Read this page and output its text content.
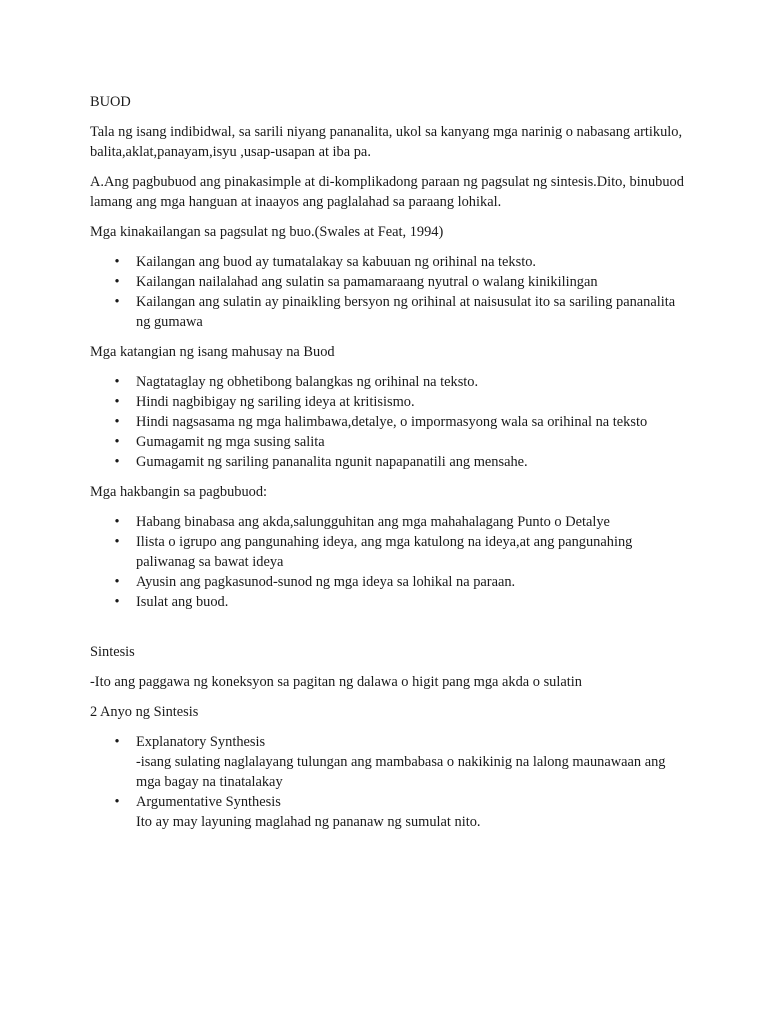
BUOD

Tala ng isang indibidwal, sa sarili niyang pananalita, ukol sa kanyang mga narinig o nabasang artikulo, balita,aklat,panayam,isyu ,usap-usapan at iba pa.

A.Ang pagbubuod ang pinakasimple at di-komplikadong paraan ng pagsulat ng sintesis.Dito, binubuod lamang ang mga hanguan at inaayos ang paglalahad sa paraang lohikal.

Mga kinakailangan sa pagsulat ng buo.(Swales at Feat, 1994)

• Kailangan ang buod ay tumatalakay sa kabuuan ng orihinal na teksto.
• Kailangan nailalahad ang sulatin sa pamamaraang nyutral o walang kinikilingan
• Kailangan ang sulatin ay pinaikling bersyon ng orihinal at naisusulat ito sa sariling pananalita ng gumawa

Mga katangian ng isang mahusay na Buod

• Nagtataglay ng obhetibong balangkas ng orihinal na teksto.
• Hindi nagbibigay ng sariling ideya at kritisismo.
• Hindi nagsasama ng mga halimbawa,detalye, o impormasyong wala sa orihinal na teksto
• Gumagamit ng mga susing salita
• Gumagamit ng sariling pananalita ngunit napapanatili ang mensahe.

Mga hakbangin sa pagbubuod:

• Habang binabasa ang akda,salungguhitan ang mga mahahalagang Punto o Detalye
• Ilista o igrupo ang pangunahing ideya, ang mga katulong na ideya,at ang pangunahing paliwanag sa bawat ideya
• Ayusin ang pagkasunod-sunod ng mga ideya sa lohikal na paraan.
• Isulat ang buod.

Sintesis

-Ito ang paggawa ng koneksyon sa pagitan ng dalawa o higit pang mga akda o sulatin

2 Anyo ng Sintesis

• Explanatory Synthesis
-isang sulating naglalayang tulungan ang mambabasa o nakikinig na lalong maunawaan ang mga bagay na tinatalakay
• Argumentative Synthesis
Ito ay may layuning maglahad ng pananaw ng sumulat nito.
